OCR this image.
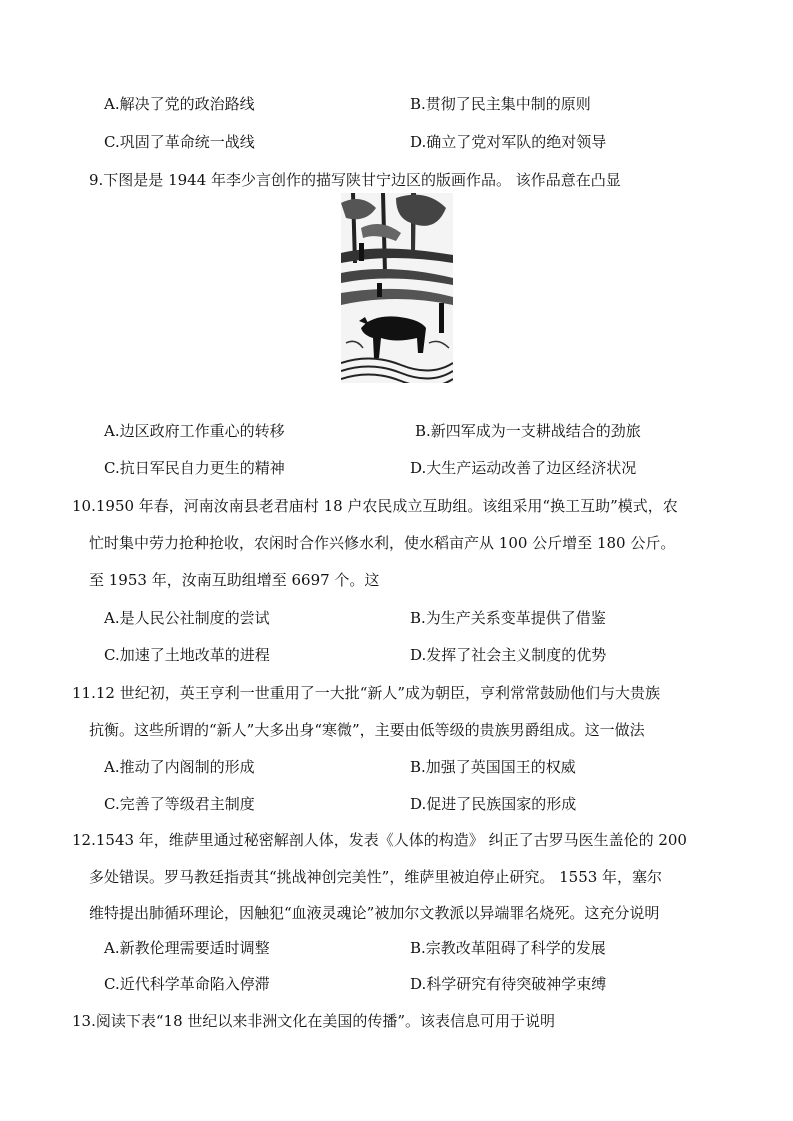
A.解决了党的政治路线	B.贯彻了民主集中制的原则
C.巩固了革命统一战线	D.确立了党对军队的绝对领导
9.下图是是 1944 年李少言创作的描写陕甘宁边区的版画作品。 该作品意在凸显
A.边区政府工作重心的转移	B.新四军成为一支耕战结合的劲旅
C.抗日军民自力更生的精神	D.大生产运动改善了边区经济状况
10.1950 年春，河南汝南县老君庙村 18 户农民成立互助组。该组采用“换工互助”模式，农
忙时集中劳力抢种抢收，农闲时合作兴修水利，使水稻亩产从 100 公斤增至 180 公斤。
至 1953 年，汝南互助组增至 6697 个。这
A.是人民公社制度的尝试	B.为生产关系变革提供了借鉴
C.加速了土地改革的进程	D.发挥了社会主义制度的优势
11.12 世纪初，英王亨利一世重用了一大批“新人”成为朝臣，亨利常常鼓励他们与大贵族
抗衡。这些所谓的“新人”大多出身“寒微”，主要由低等级的贵族男爵组成。这一做法
A.推动了内阁制的形成	B.加强了英国国王的权威
C.完善了等级君主制度	D.促进了民族国家的形成
12.1543 年，维萨里通过秘密解剖人体，发表《人体的构造》 纠正了古罗马医生盖伦的 200
多处错误。罗马教廷指责其“挑战神创完美性”，维萨里被迫停止研究。 1553 年，塞尔
维特提出肺循环理论，因触犯“血液灵魂论”被加尔文教派以异端罪名烧死。这充分说明
A.新教伦理需要适时调整	B.宗教改革阻碍了科学的发展
C.近代科学革命陷入停滞	D.科学研究有待突破神学束缚
13.阅读下表“18 世纪以来非洲文化在美国的传播”。该表信息可用于说明
